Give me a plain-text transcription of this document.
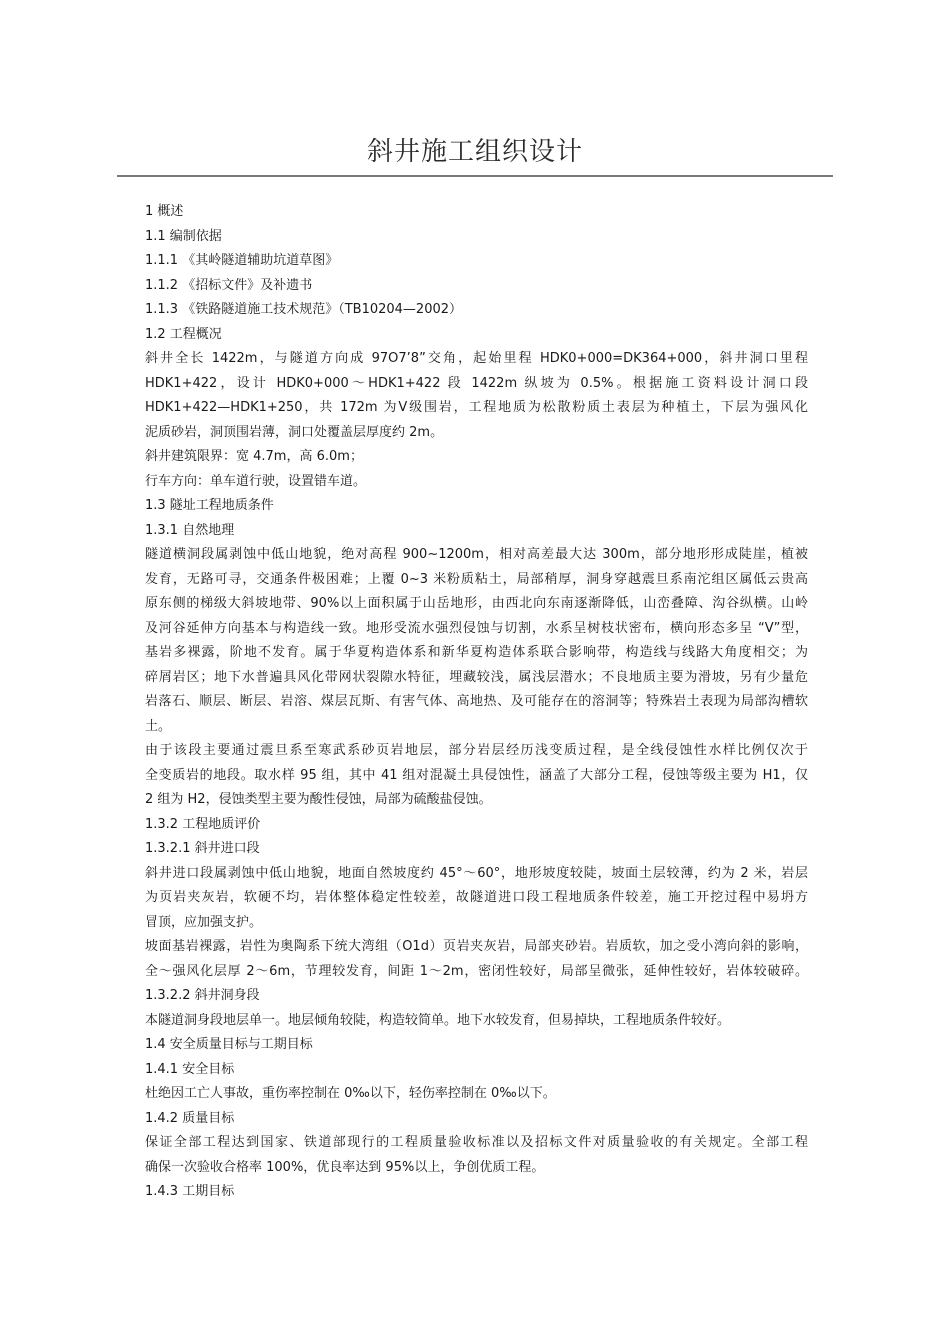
斜井施工组织设计
1 概述
1.1 编制依据
1.1.1 《其岭隧道辅助坑道草图》
1.1.2 《招标文件》及补遗书
1.1.3 《铁路隧道施工技术规范》（TB10204—2002）
1.2 工程概况
斜井全长 1422m，与隧道方向成 97O7’8”交角，起始里程 HDK0+000=DK364+000，斜井洞口里程
HDK1+422，设计 HDK0+000～HDK1+422 段 1422m 纵坡为 0.5%。根据施工资料设计洞口段
HDK1+422—HDK1+250，共 172m 为Ⅴ级围岩，工程地质为松散粉质土表层为种植土，下层为强风化
泥质砂岩，洞顶围岩薄，洞口处覆盖层厚度约 2m。
斜井建筑限界：宽 4.7m，高 6.0m；
行车方向：单车道行驶，设置错车道。
1.3 隧址工程地质条件
1.3.1 自然地理
隧道横洞段属剥蚀中低山地貌，绝对高程 900~1200m，相对高差最大达 300m，部分地形形成陡崖，植被
发育，无路可寻，交通条件极困难；上覆 0~3 米粉质粘土，局部稍厚，洞身穿越震旦系南沱组区属低云贵高
原东侧的梯级大斜坡地带、90%以上面积属于山岳地形，由西北向东南逐渐降低，山峦叠障、沟谷纵横。山岭
及河谷延伸方向基本与构造线一致。地形受流水强烈侵蚀与切割，水系呈树枝状密布，横向形态多呈 “V”型，
基岩多裸露，阶地不发育。属于华夏构造体系和新华夏构造体系联合影响带，构造线与线路大角度相交；为
碎屑岩区；地下水普遍具风化带网状裂隙水特征，埋藏较浅，属浅层潜水；不良地质主要为滑坡，另有少量危
岩落石、顺层、断层、岩溶、煤层瓦斯、有害气体、高地热、及可能存在的溶洞等；特殊岩土表现为局部沟槽软
土。
由于该段主要通过震旦系至寒武系砂页岩地层，部分岩层经历浅变质过程，是全线侵蚀性水样比例仅次于
全变质岩的地段。取水样 95 组，其中 41 组对混凝土具侵蚀性，涵盖了大部分工程，侵蚀等级主要为 H1，仅
2 组为 H2，侵蚀类型主要为酸性侵蚀，局部为硫酸盐侵蚀。
1.3.2 工程地质评价
1.3.2.1 斜井进口段
斜井进口段属剥蚀中低山地貌，地面自然坡度约 45°～60°，地形坡度较陡，坡面土层较薄，约为 2 米，岩层
为页岩夹灰岩，软硬不均，岩体整体稳定性较差，故隧道进口段工程地质条件较差，施工开挖过程中易坍方
冒顶，应加强支护。
坡面基岩裸露，岩性为奥陶系下统大湾组（O1d）页岩夹灰岩，局部夹砂岩。岩质软，加之受小湾向斜的影响，
全～强风化层厚 2～6m，节理较发育，间距 1～2m，密闭性较好，局部呈微张，延伸性较好，岩体较破碎。
1.3.2.2 斜井洞身段
本隧道洞身段地层单一。地层倾角较陡，构造较简单。地下水较发育，但易掉块，工程地质条件较好。
1.4 安全质量目标与工期目标
1.4.1 安全目标
杜绝因工亡人事故，重伤率控制在 0‰以下，轻伤率控制在 0‰以下。
1.4.2 质量目标
保证全部工程达到国家、铁道部现行的工程质量验收标准以及招标文件对质量验收的有关规定。全部工程
确保一次验收合格率 100%，优良率达到 95%以上，争创优质工程。
1.4.3 工期目标
